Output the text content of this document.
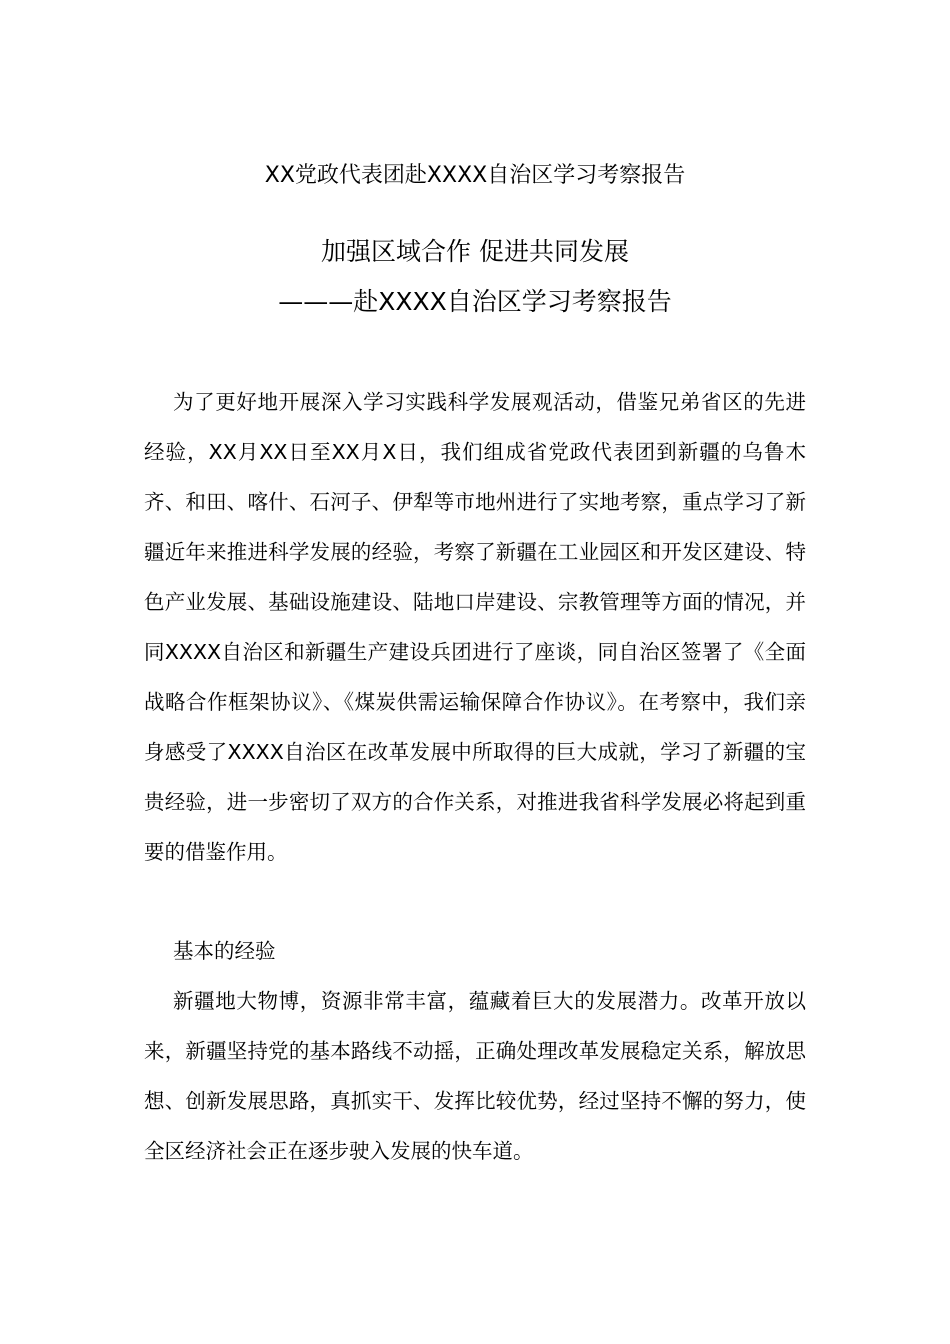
XX党政代表团赴XXXX自治区学习考察报告
加强区域合作 促进共同发展
———赴XXXX自治区学习考察报告

为了更好地开展深入学习实践科学发展观活动，借鉴兄弟省区的先进经验，XX月XX日至XX月X日，我们组成省党政代表团到新疆的乌鲁木齐、和田、喀什、石河子、伊犁等市地州进行了实地考察，重点学习了新疆近年来推进科学发展的经验，考察了新疆在工业园区和开发区建设、特色产业发展、基础设施建设、陆地口岸建设、宗教管理等方面的情况，并同XXXX自治区和新疆生产建设兵团进行了座谈，同自治区签署了《全面战略合作框架协议》、《煤炭供需运输保障合作协议》。在考察中，我们亲身感受了XXXX自治区在改革发展中所取得的巨大成就，学习了新疆的宝贵经验，进一步密切了双方的合作关系，对推进我省科学发展必将起到重要的借鉴作用。

基本的经验

新疆地大物博，资源非常丰富，蕴藏着巨大的发展潜力。改革开放以来，新疆坚持党的基本路线不动摇，正确处理改革发展稳定关系，解放思想、创新发展思路，真抓实干、发挥比较优势，经过坚持不懈的努力，使全区经济社会正在逐步驶入发展的快车道。
